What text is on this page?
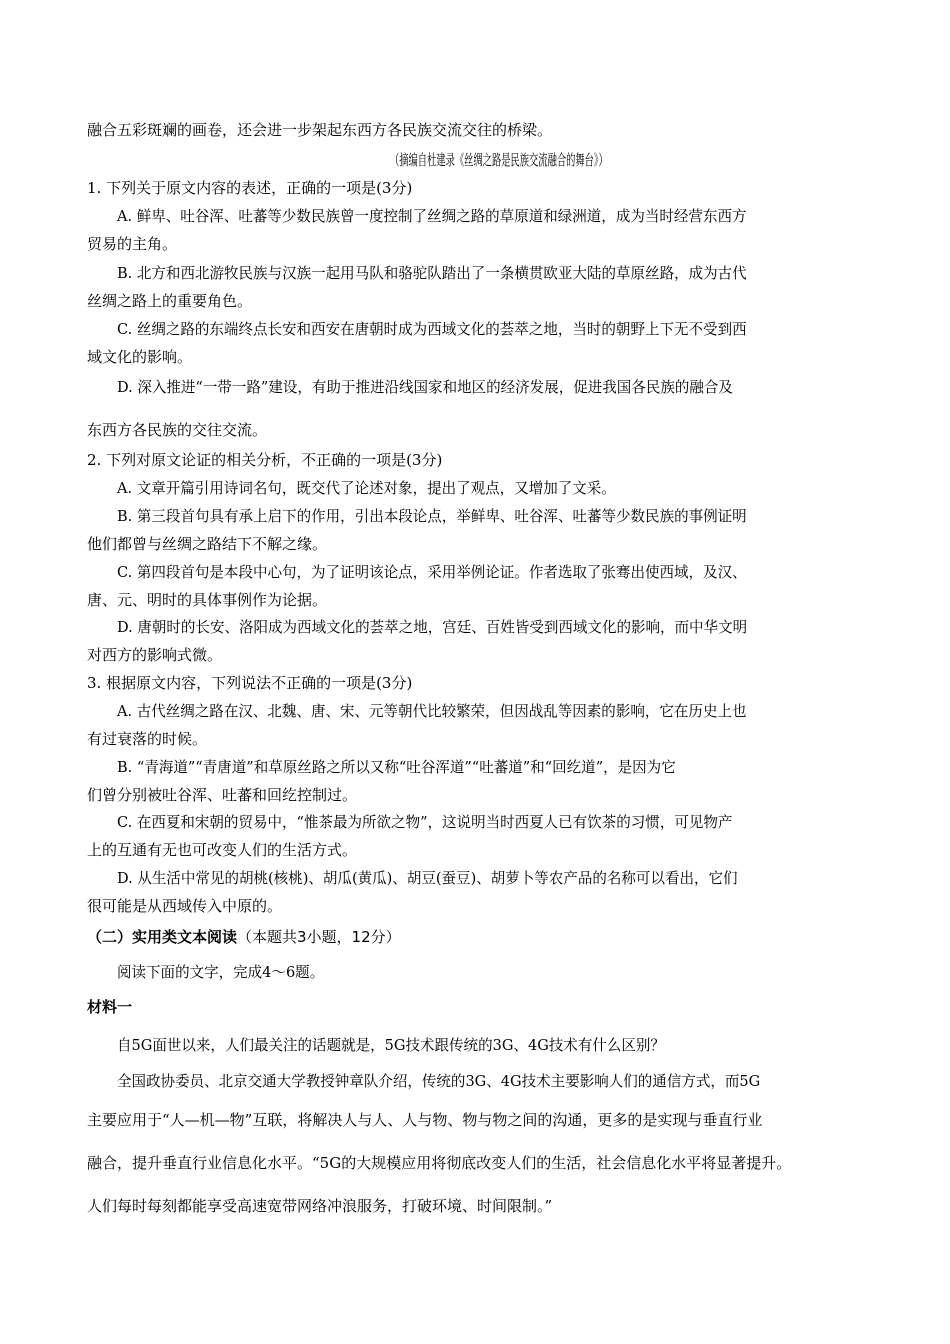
融合五彩斑斓的画卷，还会进一步架起东西方各民族交流交往的桥梁。
（摘编自杜建录《丝绸之路是民族交流融合的舞台》）
1. 下列关于原文内容的表述，正确的一项是(3分)
A. 鲜卑、吐谷浑、吐蕃等少数民族曾一度控制了丝绸之路的草原道和绿洲道，成为当时经营东西方
贸易的主角。
B. 北方和西北游牧民族与汉族一起用马队和骆驼队踏出了一条横贯欧亚大陆的草原丝路，成为古代
丝绸之路上的重要角色。
C. 丝绸之路的东端终点长安和西安在唐朝时成为西域文化的荟萃之地，当时的朝野上下无不受到西
域文化的影响。
D. 深入推进“一带一路”建设，有助于推进沿线国家和地区的经济发展，促进我国各民族的融合及
东西方各民族的交往交流。
2. 下列对原文论证的相关分析，不正确的一项是(3分)
A. 文章开篇引用诗词名句，既交代了论述对象，提出了观点，又增加了文采。
B. 第三段首句具有承上启下的作用，引出本段论点，举鲜卑、吐谷浑、吐蕃等少数民族的事例证明
他们都曾与丝绸之路结下不解之缘。
C. 第四段首句是本段中心句，为了证明该论点，采用举例论证。作者选取了张骞出使西域，及汉、
唐、元、明时的具体事例作为论据。
D. 唐朝时的长安、洛阳成为西域文化的荟萃之地，宫廷、百姓皆受到西域文化的影响，而中华文明
对西方的影响式微。
3. 根据原文内容，下列说法不正确的一项是(3分)
A. 古代丝绸之路在汉、北魏、唐、宋、元等朝代比较繁荣，但因战乱等因素的影响，它在历史上也
有过衰落的时候。
B. “青海道”“青唐道”和草原丝路之所以又称“吐谷浑道”“吐蕃道”和“回纥道”，是因为它
们曾分别被吐谷浑、吐蕃和回纥控制过。
C. 在西夏和宋朝的贸易中，“惟茶最为所欲之物”，这说明当时西夏人已有饮茶的习惯，可见物产
上的互通有无也可改变人们的生活方式。
D. 从生活中常见的胡桃(核桃)、胡瓜(黄瓜)、胡豆(蚕豆)、胡萝卜等农产品的名称可以看出，它们
很可能是从西域传入中原的。
（二）实用类文本阅读（本题共3小题，12分）
阅读下面的文字，完成4～6题。
材料一
自5G面世以来，人们最关注的话题就是，5G技术跟传统的3G、4G技术有什么区别？
全国政协委员、北京交通大学教授钟章队介绍，传统的3G、4G技术主要影响人们的通信方式，而5G
主要应用于“人—机—物”互联，将解决人与人、人与物、物与物之间的沟通，更多的是实现与垂直行业
融合，提升垂直行业信息化水平。“5G的大规模应用将彻底改变人们的生活，社会信息化水平将显著提升。
人们每时每刻都能享受高速宽带网络冲浪服务，打破环境、时间限制。”
